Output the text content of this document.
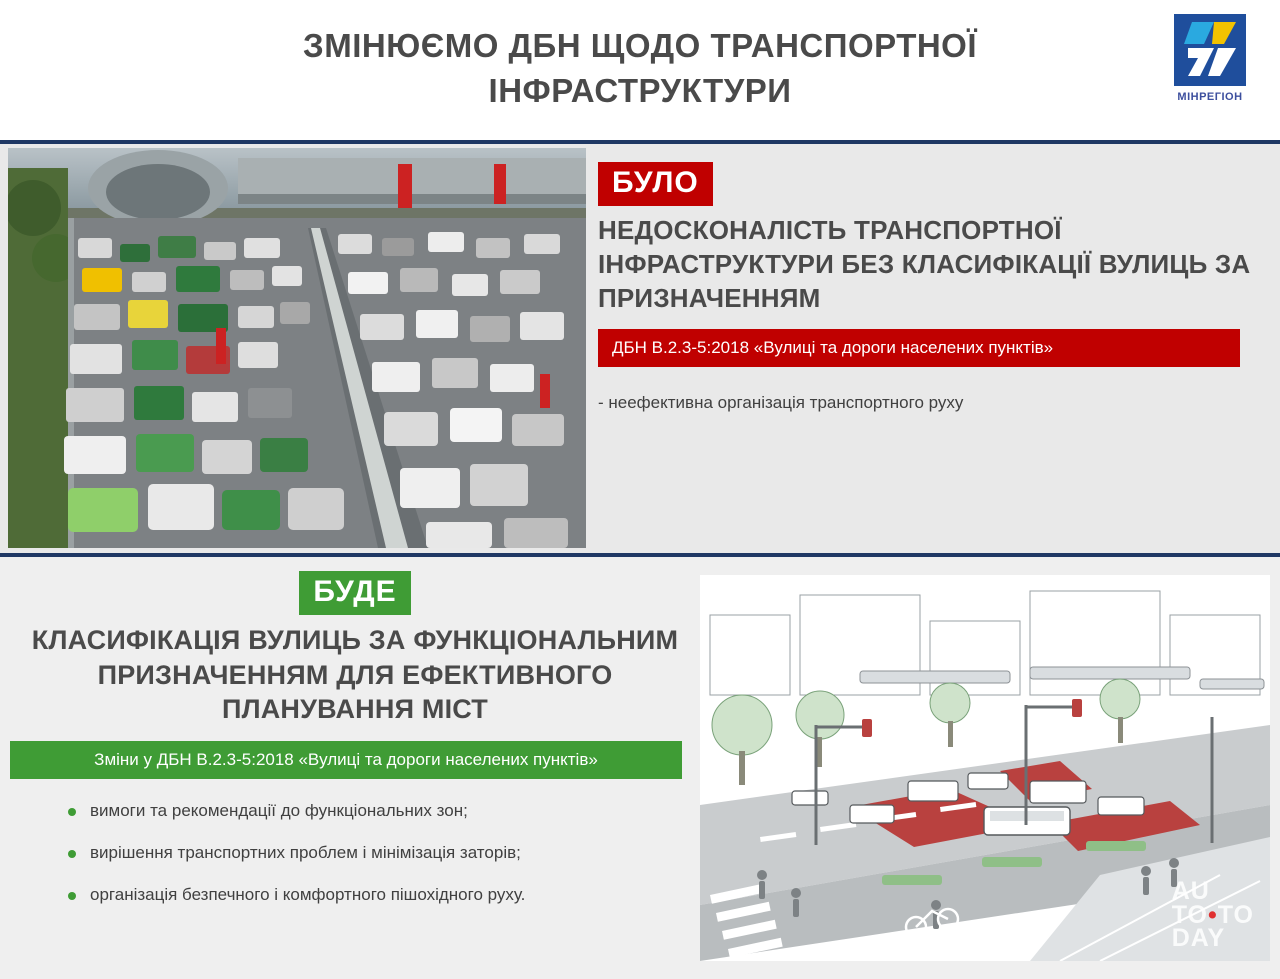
ЗМІНЮЄМО ДБН ЩОДО ТРАНСПОРТНОЇ ІНФРАСТРУКТУРИ	МІНРЕГІОН
БУЛО
НЕДОСКОНАЛІСТЬ ТРАНСПОРТНОЇ ІНФРАСТРУКТУРИ БЕЗ КЛАСИФІКАЦІЇ ВУЛИЦЬ ЗА ПРИЗНАЧЕННЯМ
ДБН В.2.3-5:2018 «Вулиці та дороги населених пунктів»
- неефективна організація транспортного руху
БУДЕ
КЛАСИФІКАЦІЯ ВУЛИЦЬ ЗА ФУНКЦІОНАЛЬНИМ ПРИЗНАЧЕННЯМ ДЛЯ ЕФЕКТИВНОГО ПЛАНУВАННЯ МІСТ
Зміни у ДБН В.2.3-5:2018 «Вулиці та дороги населених пунктів»
вимоги та рекомендації до функціональних зон;
вирішення транспортних проблем і мінімізація заторів;
організація безпечного і комфортного пішохідного руху.	AU
TO•TO
DAY
